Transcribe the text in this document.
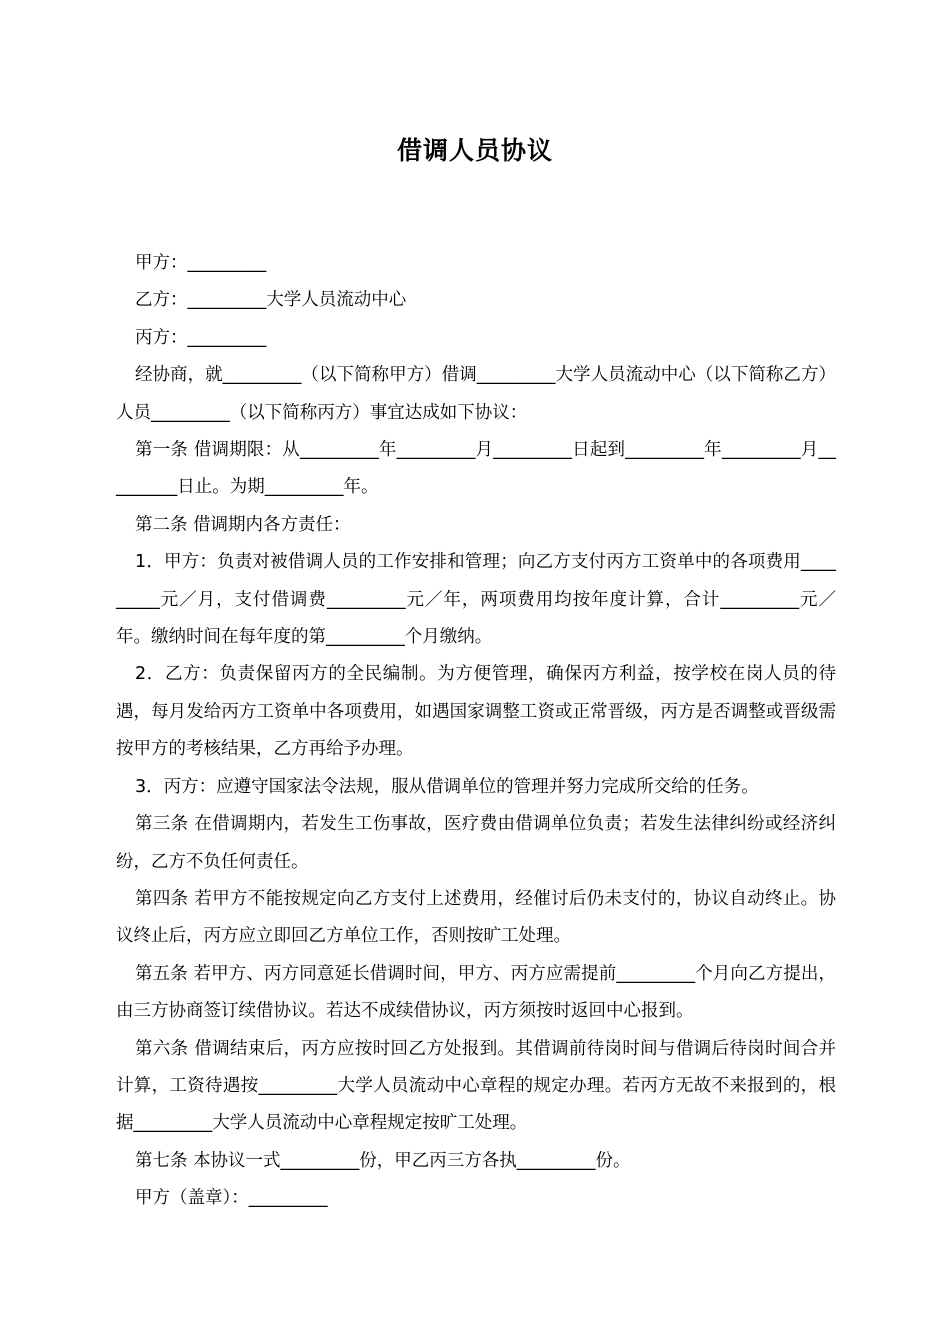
借调人员协议

甲方：_________

乙方：_________大学人员流动中心

丙方：_________

经协商，就_________（以下简称甲方）借调_________大学人员流动中心（以下简称乙方）人员_________（以下简称丙方）事宜达成如下协议：

第一条 借调期限：从_________年_________月_________日起到_________年_________月_________日止。为期_________年。

第二条 借调期内各方责任：

1．甲方：负责对被借调人员的工作安排和管理；向乙方支付丙方工资单中的各项费用_________元／月，支付借调费_________元／年，两项费用均按年度计算，合计_________元／年。缴纳时间在每年度的第_________个月缴纳。

2．乙方：负责保留丙方的全民编制。为方便管理，确保丙方利益，按学校在岗人员的待遇，每月发给丙方工资单中各项费用，如遇国家调整工资或正常晋级，丙方是否调整或晋级需按甲方的考核结果，乙方再给予办理。

3．丙方：应遵守国家法令法规，服从借调单位的管理并努力完成所交给的任务。

第三条 在借调期内，若发生工伤事故，医疗费由借调单位负责；若发生法律纠纷或经济纠纷，乙方不负任何责任。

第四条 若甲方不能按规定向乙方支付上述费用，经催讨后仍未支付的，协议自动终止。协议终止后，丙方应立即回乙方单位工作，否则按旷工处理。

第五条 若甲方、丙方同意延长借调时间，甲方、丙方应需提前_________个月向乙方提出，由三方协商签订续借协议。若达不成续借协议，丙方须按时返回中心报到。

第六条 借调结束后，丙方应按时回乙方处报到。其借调前待岗时间与借调后待岗时间合并计算，工资待遇按_________大学人员流动中心章程的规定办理。若丙方无故不来报到的，根据_________大学人员流动中心章程规定按旷工处理。

第七条 本协议一式_________份，甲乙丙三方各执_________份。

甲方（盖章）：_________
